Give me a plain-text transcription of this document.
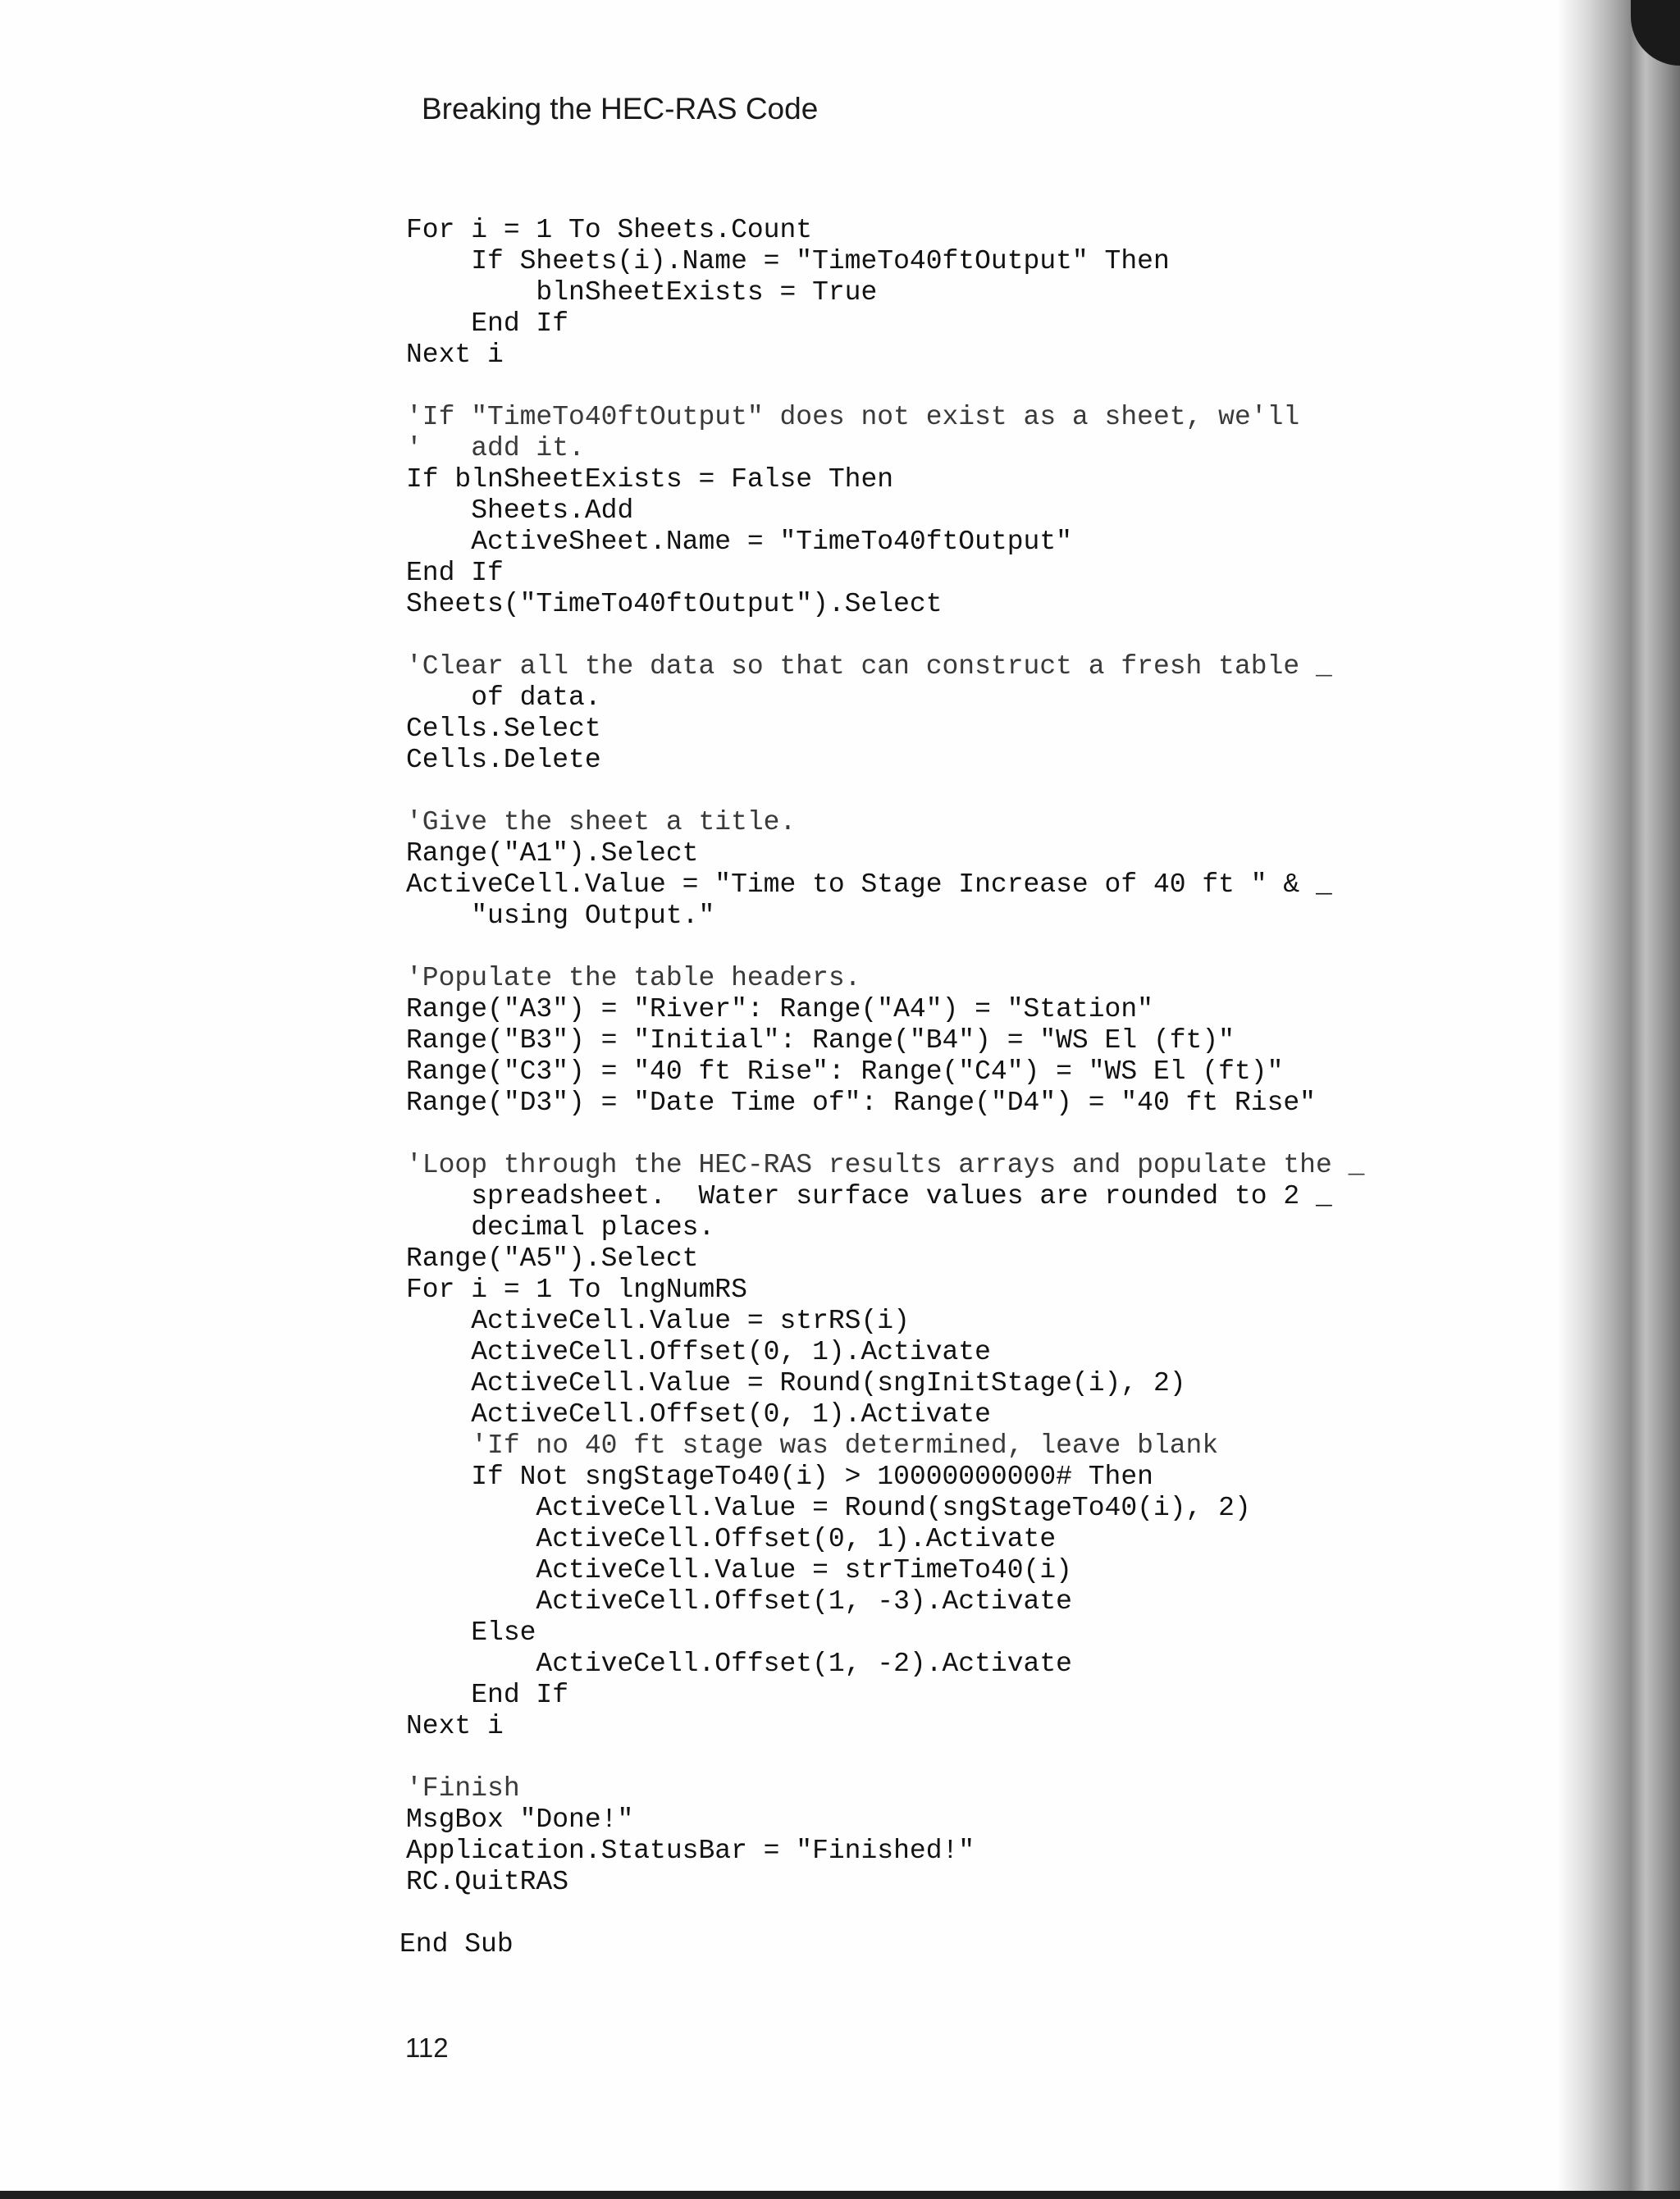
Breaking the HEC-RAS Code
For i = 1 To Sheets.Count
If Sheets(i).Name = "TimeTo40ftOutput" Then
blnSheetExists = True
End If
Next i
'If "TimeTo40ftOutput" does not exist as a sheet, we'll
'   add it.
If blnSheetExists = False Then
Sheets.Add
ActiveSheet.Name = "TimeTo40ftOutput"
End If
Sheets("TimeTo40ftOutput").Select
'Clear all the data so that can construct a fresh table _
of data.
Cells.Select
Cells.Delete
'Give the sheet a title.
Range("A1").Select
ActiveCell.Value = "Time to Stage Increase of 40 ft " & _
"using Output."
'Populate the table headers.
Range("A3") = "River": Range("A4") = "Station"
Range("B3") = "Initial": Range("B4") = "WS El (ft)"
Range("C3") = "40 ft Rise": Range("C4") = "WS El (ft)"
Range("D3") = "Date Time of": Range("D4") = "40 ft Rise"
'Loop through the HEC-RAS results arrays and populate the _
spreadsheet.  Water surface values are rounded to 2 _
decimal places.
Range("A5").Select
For i = 1 To lngNumRS
ActiveCell.Value = strRS(i)
ActiveCell.Offset(0, 1).Activate
ActiveCell.Value = Round(sngInitStage(i), 2)
ActiveCell.Offset(0, 1).Activate
'If no 40 ft stage was determined, leave blank
If Not sngStageTo40(i) > 10000000000# Then
ActiveCell.Value = Round(sngStageTo40(i), 2)
ActiveCell.Offset(0, 1).Activate
ActiveCell.Value = strTimeTo40(i)
ActiveCell.Offset(1, -3).Activate
Else
ActiveCell.Offset(1, -2).Activate
End If
Next i
'Finish
MsgBox "Done!"
Application.StatusBar = "Finished!"
RC.QuitRAS
End Sub
112
